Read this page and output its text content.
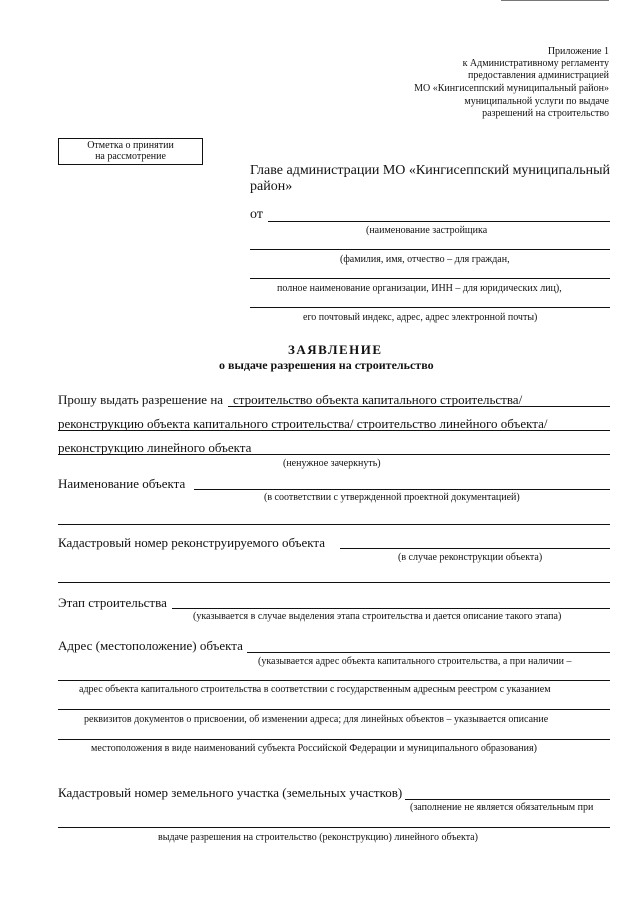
Приложение 1
к Административному регламенту
предоставления администрацией
МО «Кингисеппский муниципальный район»
муниципальной услуги по выдаче
разрешений на строительство
Отметка о принятии
на рассмотрение
Главе администрации МО «Кингисеппский муниципальный
район»
от
(наименование застройщика
(фамилия, имя, отчество – для граждан,
полное наименование организации, ИНН – для юридических лиц),
его почтовый индекс, адрес, адрес электронной почты)
ЗАЯВЛЕНИЕ
о выдаче разрешения на строительство
Прошу выдать разрешение на строительство объекта капитального строительства/
реконструкцию объекта капитального строительства/ строительство линейного объекта/
реконструкцию линейного объекта
(ненужное зачеркнуть)
Наименование объекта
(в соответствии с утвержденной проектной документацией)
Кадастровый номер реконструируемого объекта
(в случае реконструкции объекта)
Этап строительства
(указывается в случае выделения этапа строительства и дается описание такого этапа)
Адрес (местоположение) объекта
(указывается адрес объекта капитального строительства, а при наличии –
адрес объекта капитального строительства в соответствии с государственным адресным реестром с указанием
реквизитов документов о присвоении, об изменении адреса; для линейных объектов – указывается описание
местоположения в виде наименований субъекта Российской Федерации и муниципального образования)
Кадастровый номер земельного участка (земельных участков)
(заполнение не является обязательным при
выдаче разрешения на строительство (реконструкцию) линейного объекта)
